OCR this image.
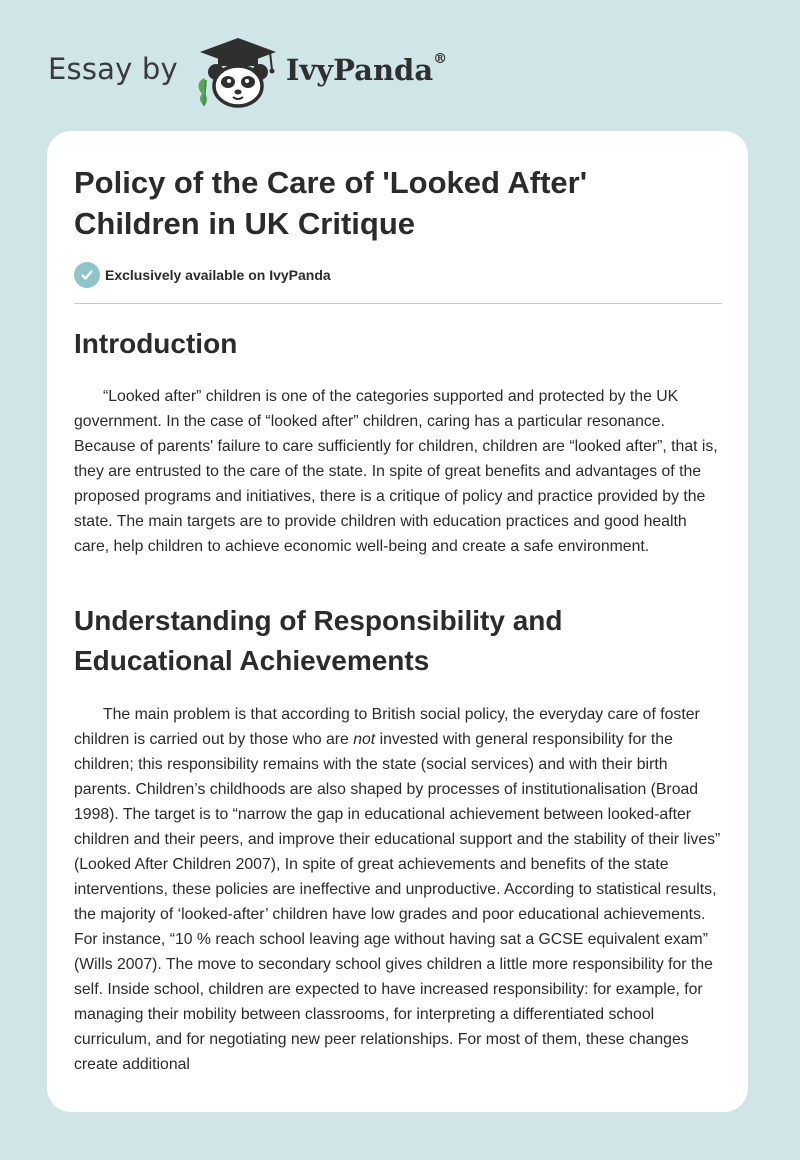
Essay by	IvyPanda®
Policy of the Care of 'Looked After' Children in UK Critique
Exclusively available on IvyPanda
Introduction

“Looked after” children is one of the categories supported and protected by the UK government. In the case of “looked after” children, caring has a particular resonance. Because of parents' failure to care sufficiently for children, children are “looked after”, that is, they are entrusted to the care of the state. In spite of great benefits and advantages of the proposed programs and initiatives, there is a critique of policy and practice provided by the state. The main targets are to provide children with education practices and good health care, help children to achieve economic well-being and create a safe environment.

Understanding of Responsibility and Educational Achievements

The main problem is that according to British social policy, the everyday care of foster children is carried out by those who are not invested with general responsibility for the children; this responsibility remains with the state (social services) and with their birth parents. Children’s childhoods are also shaped by processes of institutionalisation (Broad 1998). The target is to “narrow the gap in educational achievement between looked-after children and their peers, and improve their educational support and the stability of their lives” (Looked After Children 2007), In spite of great achievements and benefits of the state interventions, these policies are ineffective and unproductive. According to statistical results, the majority of ‘looked-after’ children have low grades and poor educational achievements. For instance, “10 % reach school leaving age without having sat a GCSE equivalent exam” (Wills 2007). The move to secondary school gives children a little more responsibility for the self. Inside school, children are expected to have increased responsibility: for example, for managing their mobility between classrooms, for interpreting a differentiated school curriculum, and for negotiating new peer relationships. For most of them, these changes create additional
